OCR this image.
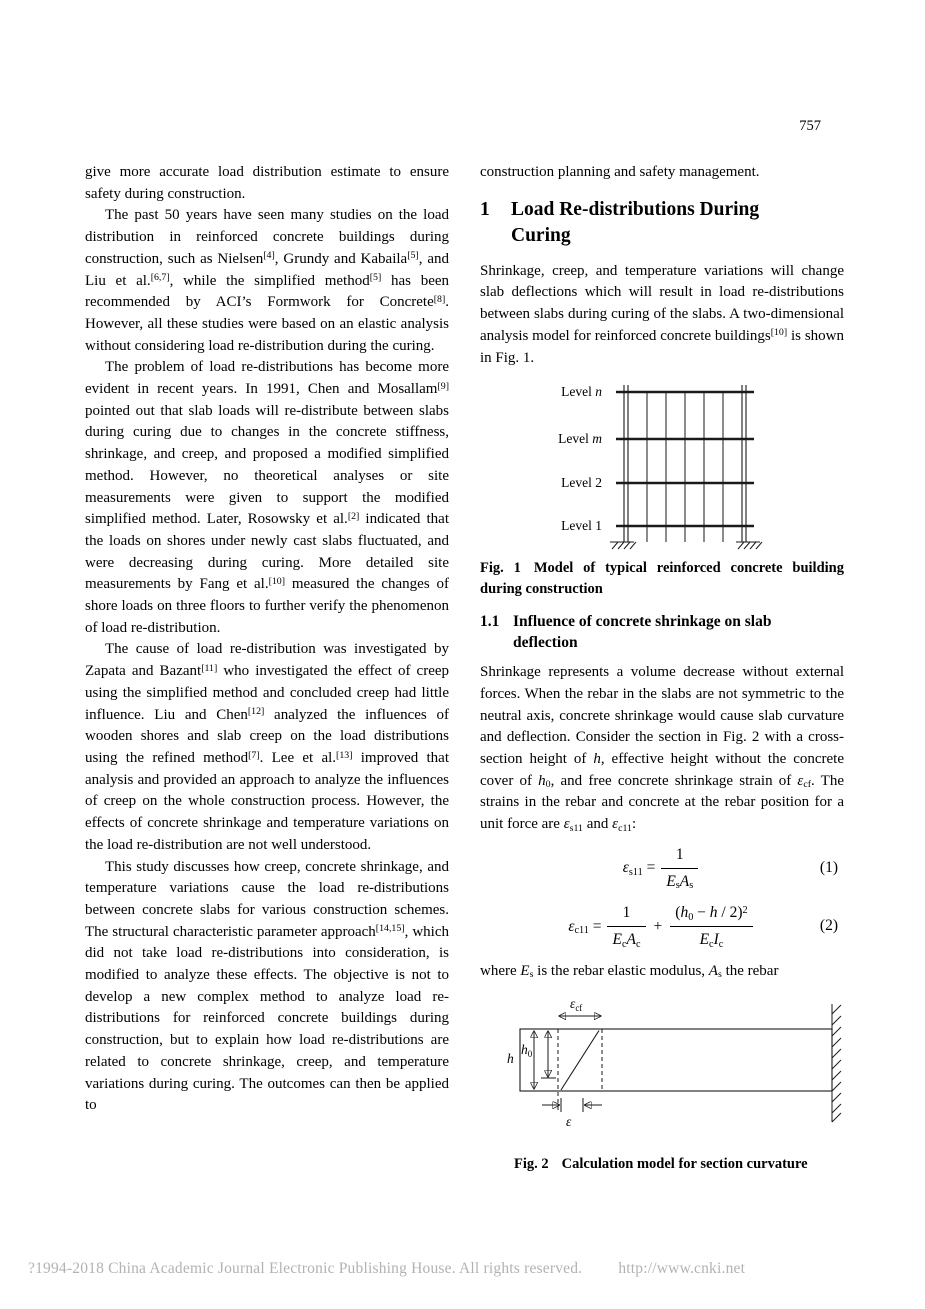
757

give more accurate load distribution estimate to ensure safety during construction.

The past 50 years have seen many studies on the load distribution in reinforced concrete buildings during construction, such as Nielsen[4], Grundy and Kabaila[5], and Liu et al.[6,7], while the simplified method[5] has been recommended by ACI’s Formwork for Concrete[8]. However, all these studies were based on an elastic analysis without considering load re-distribution during the curing.

The problem of load re-distributions has become more evident in recent years. In 1991, Chen and Mosallam[9] pointed out that slab loads will re-distribute between slabs during curing due to changes in the concrete stiffness, shrinkage, and creep, and proposed a modified simplified method. However, no theoretical analyses or site measurements were given to support the modified simplified method. Later, Rosowsky et al.[2] indicated that the loads on shores under newly cast slabs fluctuated, and were decreasing during curing. More detailed site measurements by Fang et al.[10] measured the changes of shore loads on three floors to further verify the phenomenon of load re-distribution.

The cause of load re-distribution was investigated by Zapata and Bazant[11] who investigated the effect of creep using the simplified method and concluded creep had little influence. Liu and Chen[12] analyzed the influences of wooden shores and slab creep on the load distributions using the refined method[7]. Lee et al.[13] improved that analysis and provided an approach to analyze the influences of creep on the whole construction process. However, the effects of concrete shrinkage and temperature variations on the load re-distribution are not well understood.

This study discusses how creep, concrete shrinkage, and temperature variations cause the load re-distributions between concrete slabs for various construction schemes. The structural characteristic parameter approach[14,15], which did not take load re-distributions into consideration, is modified to analyze these effects. The objective is not to develop a new complex method to analyze load re-distributions for reinforced concrete buildings during construction, but to explain how load re-distributions are related to concrete shrinkage, creep, and temperature variations during curing. The outcomes can then be applied to

construction planning and safety management.

1	Load Re-distributions During Curing

Shrinkage, creep, and temperature variations will change slab deflections which will result in load re-distributions between slabs during curing of the slabs. A two-dimensional analysis model for reinforced concrete buildings[10] is shown in Fig. 1.

Level n
Level m
Level 2
Level 1

Fig. 1 Model of typical reinforced concrete building during construction

1.1 Influence of concrete shrinkage on slab deflection

Shrinkage represents a volume decrease without external forces. When the rebar in the slabs are not symmetric to the neutral axis, concrete shrinkage would cause slab curvature and deflection. Consider the section in Fig. 2 with a cross-section height of h, effective height without the concrete cover of $h_0$, and free concrete shrinkage strain of $\varepsilon_{cf}$. The strains in the rebar and concrete at the rebar position for a unit force are $\varepsilon_{s11}$ and $\varepsilon_{c11}$:

$\varepsilon_{s11} = \frac{1}{E_sA_s}$	(1)
$\varepsilon_{c11} = \frac{1}{E_cA_c} + \frac{(h_0 - h / 2)^2}{E_cI_c}$	(2)

where $E_s$ is the rebar elastic modulus, $A_s$ the rebar

$\varepsilon_{cf}$
h
$h_0$
ε

Fig. 2 Calculation model for section curvature

?1994-2018 China Academic Journal Electronic Publishing House. All rights reserved. http://www.cnki.net
